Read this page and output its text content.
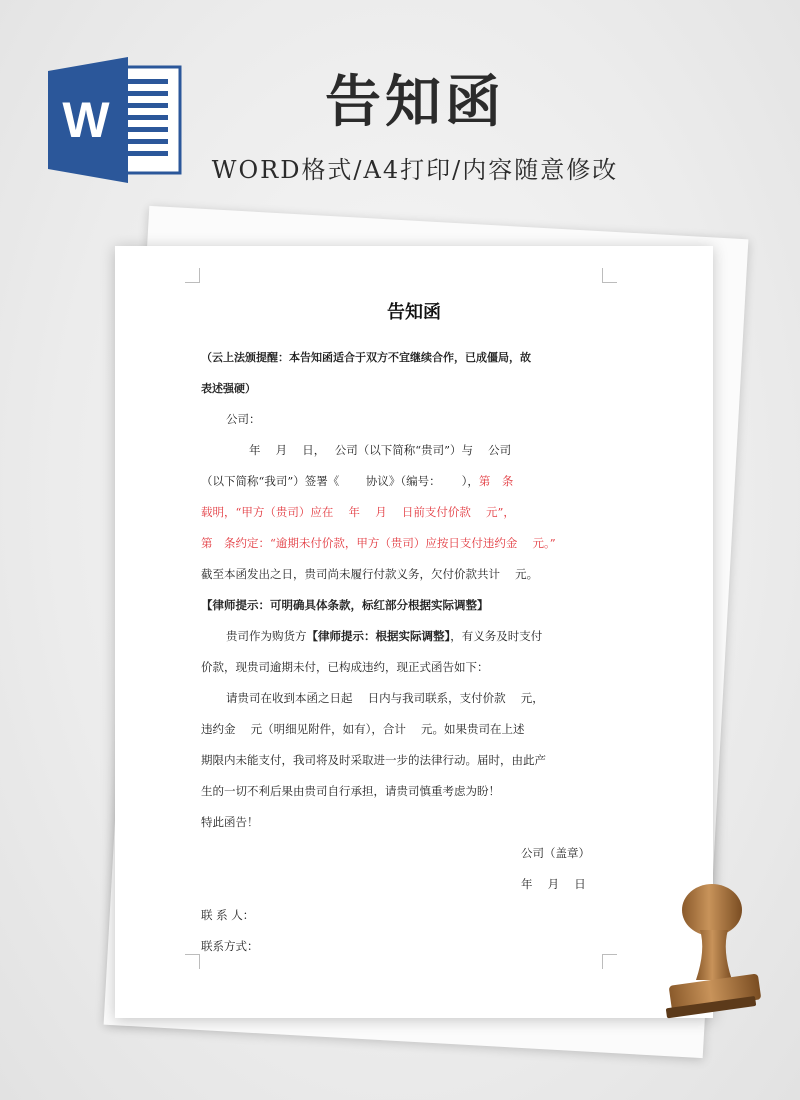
W	告知函
WORD格式/A4打印/内容随意修改
告知函
（云上法颁提醒：本告知函适合于双方不宜继续合作，已成僵局，故
表述强硬）
公司：
年　 月　 日，　 公司（以下简称“贵司”）与　 公司
（以下简称“我司”）签署《　　 协议》（编号：　　 ），第　条
载明，“甲方（贵司）应在　 年　 月　 日前支付价款　 元”，
第　条约定：“逾期未付价款，甲方（贵司）应按日支付违约金　 元。”
截至本函发出之日，贵司尚未履行付款义务，欠付价款共计　 元。
【律师提示：可明确具体条款，标红部分根据实际调整】
贵司作为购货方【律师提示：根据实际调整】，有义务及时支付
价款，现贵司逾期未付，已构成违约，现正式函告如下：
请贵司在收到本函之日起　 日内与我司联系，支付价款　 元，
违约金　 元（明细见附件，如有），合计　 元。如果贵司在上述
期限内未能支付，我司将及时采取进一步的法律行动。届时，由此产
生的一切不利后果由贵司自行承担，请贵司慎重考虑为盼！
特此函告！
公司（盖章）
年　 月　 日
联 系 人：
联系方式：
